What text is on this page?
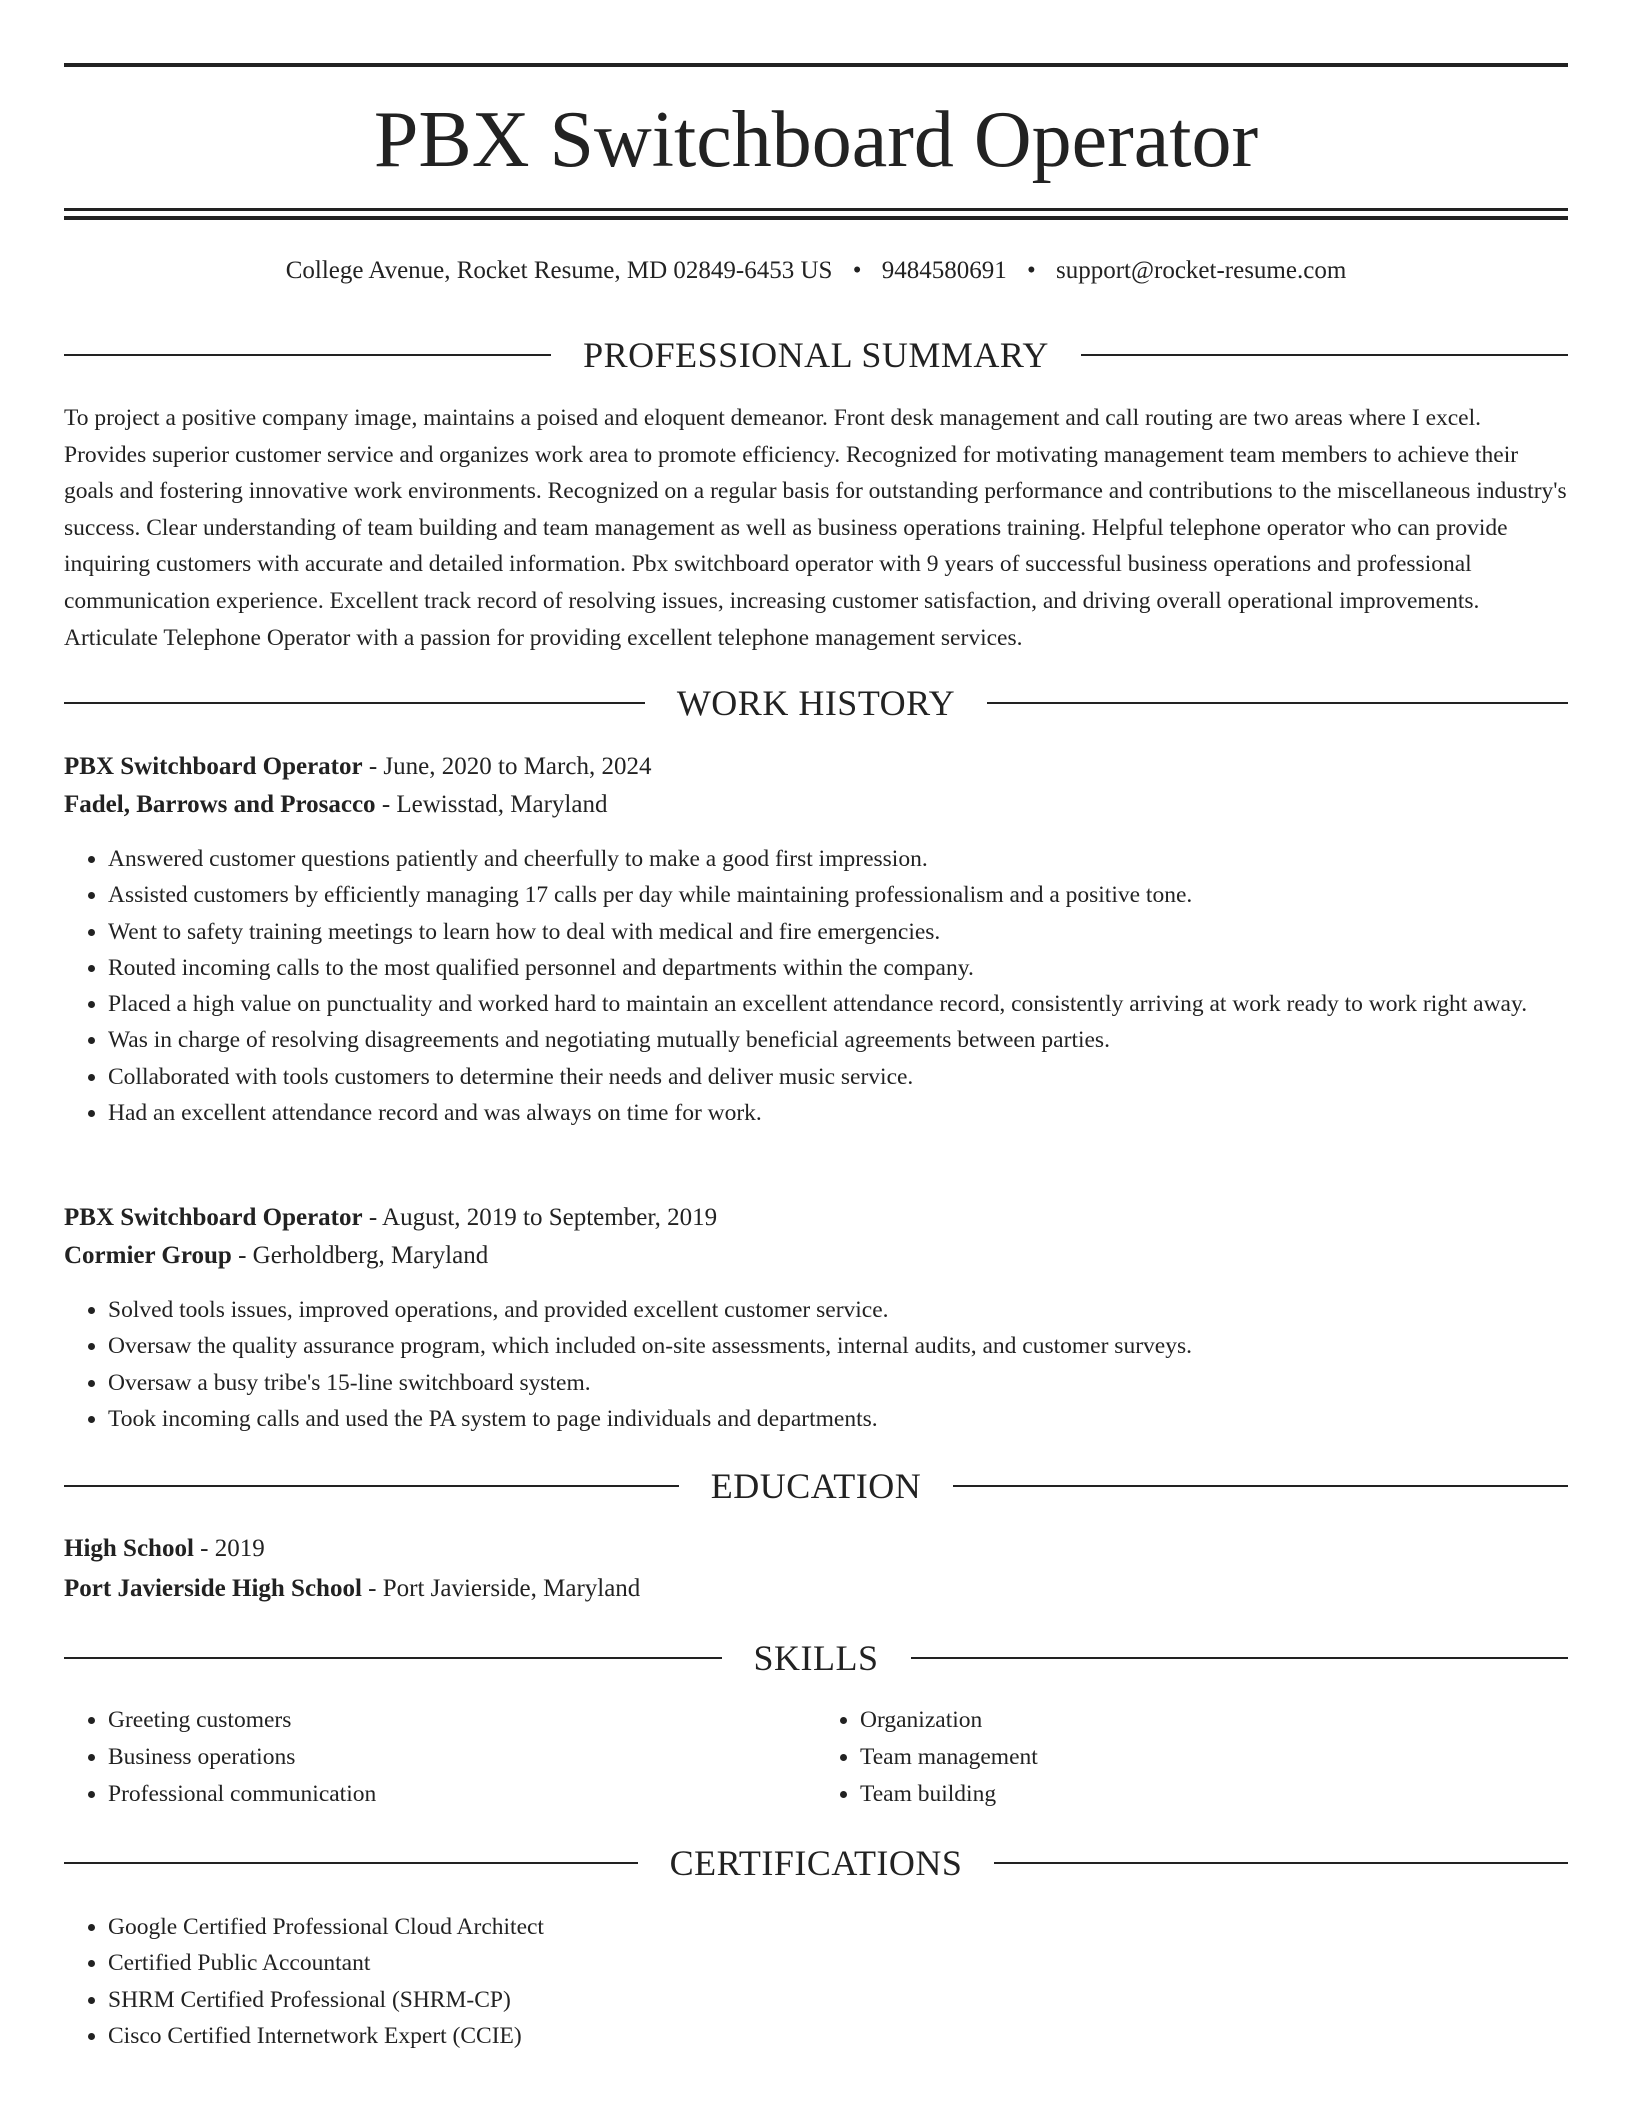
PBX Switchboard Operator
College Avenue, Rocket Resume, MD 02849-6453 US • 9484580691 • support@rocket-resume.com
PROFESSIONAL SUMMARY

To project a positive company image, maintains a poised and eloquent demeanor. Front desk management and call routing are two areas where I excel. Provides superior customer service and organizes work area to promote efficiency. Recognized for motivating management team members to achieve their goals and fostering innovative work environments. Recognized on a regular basis for outstanding performance and contributions to the miscellaneous industry's success. Clear understanding of team building and team management as well as business operations training. Helpful telephone operator who can provide inquiring customers with accurate and detailed information. Pbx switchboard operator with 9 years of successful business operations and professional communication experience. Excellent track record of resolving issues, increasing customer satisfaction, and driving overall operational improvements. Articulate Telephone Operator with a passion for providing excellent telephone management services.

WORK HISTORY
PBX Switchboard Operator - June, 2020 to March, 2024
Fadel, Barrows and Prosacco - Lewisstad, Maryland
• Answered customer questions patiently and cheerfully to make a good first impression.
• Assisted customers by efficiently managing 17 calls per day while maintaining professionalism and a positive tone.
• Went to safety training meetings to learn how to deal with medical and fire emergencies.
• Routed incoming calls to the most qualified personnel and departments within the company.
• Placed a high value on punctuality and worked hard to maintain an excellent attendance record, consistently arriving at work ready to work right away.
• Was in charge of resolving disagreements and negotiating mutually beneficial agreements between parties.
• Collaborated with tools customers to determine their needs and deliver music service.
• Had an excellent attendance record and was always on time for work.
PBX Switchboard Operator - August, 2019 to September, 2019
Cormier Group - Gerholdberg, Maryland
• Solved tools issues, improved operations, and provided excellent customer service.
• Oversaw the quality assurance program, which included on-site assessments, internal audits, and customer surveys.
• Oversaw a busy tribe's 15-line switchboard system.
• Took incoming calls and used the PA system to page individuals and departments.
EDUCATION
High School - 2019
Port Javierside High School - Port Javierside, Maryland
SKILLS
• Greeting customers
• Business operations
• Professional communication
• Organization
• Team management
• Team building
CERTIFICATIONS
• Google Certified Professional Cloud Architect
• Certified Public Accountant
• SHRM Certified Professional (SHRM-CP)
• Cisco Certified Internetwork Expert (CCIE)
